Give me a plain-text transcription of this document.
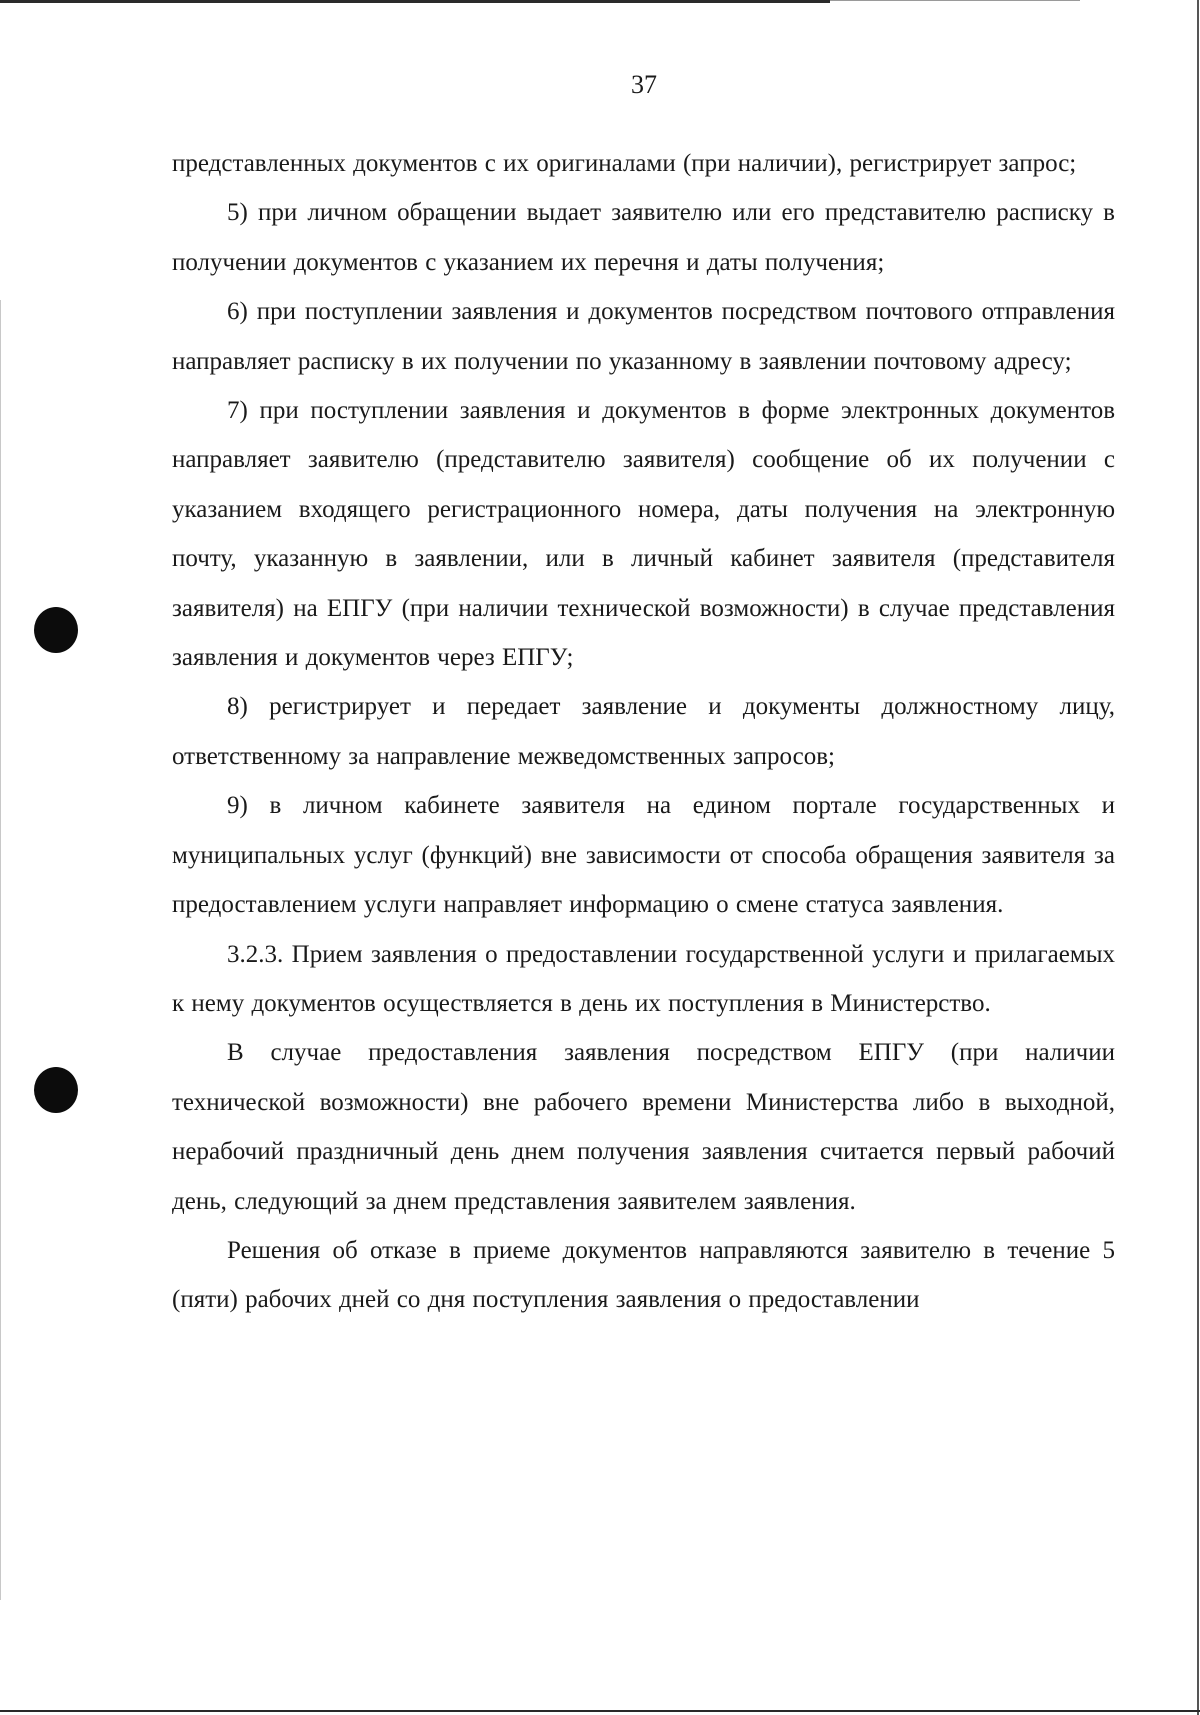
37

представленных документов с их оригиналами (при наличии), регистрирует запрос;

5) при личном обращении выдает заявителю или его представителю расписку в получении документов с указанием их перечня и даты получения;

6) при поступлении заявления и документов посредством почтового отправления направляет расписку в их получении по указанному в заявлении почтовому адресу;

7) при поступлении заявления и документов в форме электронных документов направляет заявителю (представителю заявителя) сообщение об их получении с указанием входящего регистрационного номера, даты получения на электронную почту, указанную в заявлении, или в личный кабинет заявителя (представителя заявителя) на ЕПГУ (при наличии технической возможности) в случае представления заявления и документов через ЕПГУ;

8) регистрирует и передает заявление и документы должностному лицу, ответственному за направление межведомственных запросов;

9) в личном кабинете заявителя на едином портале государственных и муниципальных услуг (функций) вне зависимости от способа обращения заявителя за предоставлением услуги направляет информацию о смене статуса заявления.

3.2.3. Прием заявления о предоставлении государственной услуги и прилагаемых к нему документов осуществляется в день их поступления в Министерство.

В случае предоставления заявления посредством ЕПГУ (при наличии технической возможности) вне рабочего времени Министерства либо в выходной, нерабочий праздничный день днем получения заявления считается первый рабочий день, следующий за днем представления заявителем заявления.

Решения об отказе в приеме документов направляются заявителю в течение 5 (пяти) рабочих дней со дня поступления заявления о предоставлении
